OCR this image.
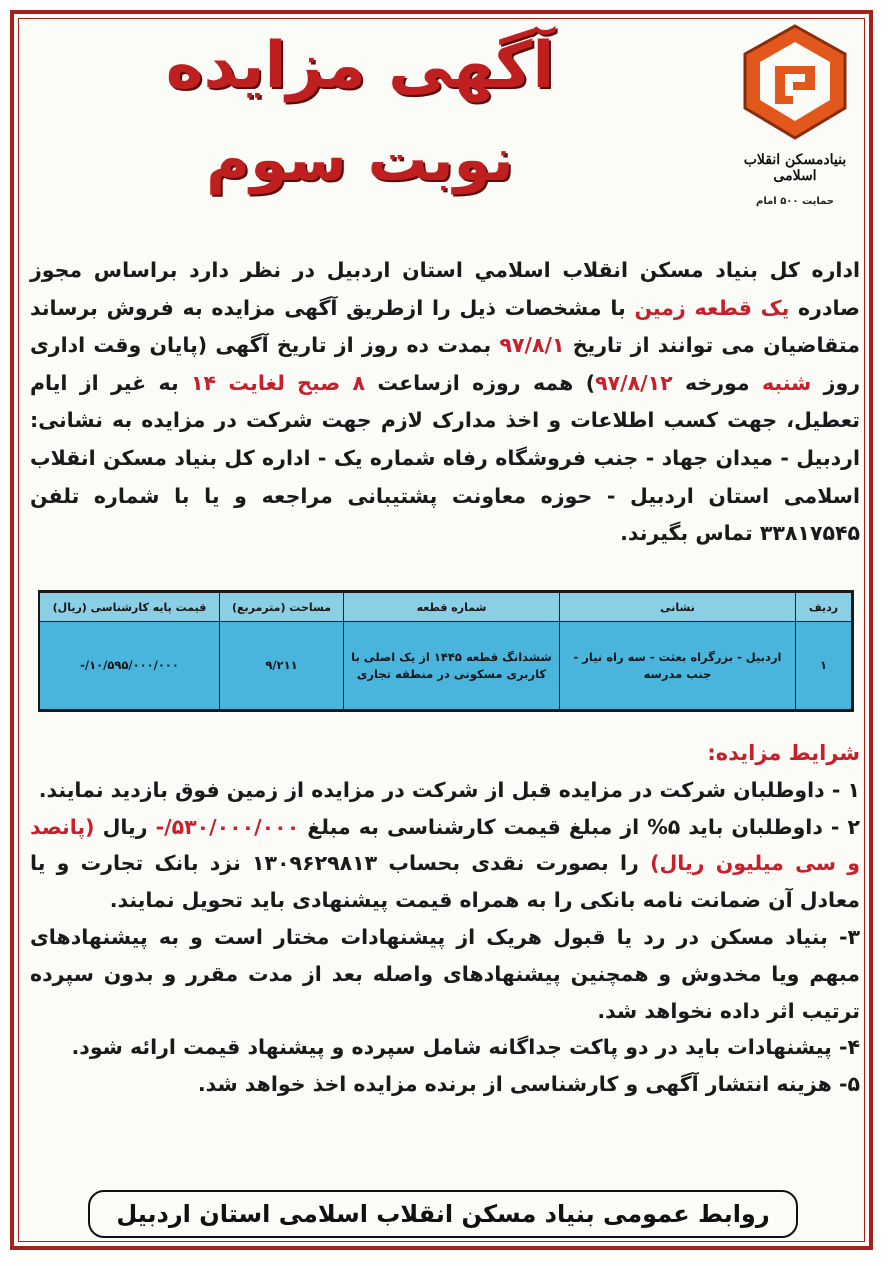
بنیادمسکن انقلاب اسلامی
حمایت ۵۰۰ امام
آگهی مزایده
نوبت سوم
اداره کل بنیاد مسکن انقلاب اسلامي استان اردبيل در نظر دارد براساس مجوز صادره یک قطعه زمین با مشخصات ذیل را ازطریق آگهی مزایده به فروش برساند متقاضیان می توانند از تاریخ ۹۷/۸/۱ بمدت ده روز از تاریخ آگهی (پایان وقت اداری روز شنبه مورخه ۹۷/۸/۱۲) همه روزه ازساعت ۸ صبح لغایت ۱۴ به غیر از ایام تعطیل، جهت کسب اطلاعات و اخذ مدارک لازم جهت شرکت در مزایده به نشانی: اردبیل - میدان جهاد - جنب فروشگاه رفاه شماره یک - اداره کل بنیاد مسکن انقلاب اسلامی استان اردبیل - حوزه معاونت پشتیبانی مراجعه و یا با شماره تلفن ۳۳۸۱۷۵۴۵ تماس بگیرند.
ردیف	نشانی	شماره قطعه	مساحت (مترمربع)	قیمت پایه کارشناسی (ریال)
۱	اردبیل - بزرگراه بعثت - سه راه نیار - جنب مدرسه	ششدانگ قطعه ۱۴۴۵ از یک اصلی با کاربری مسکونی در منطقه تجاری	۹/۲۱۱	۱۰/۵۹۵/۰۰۰/۰۰۰/-
شرایط مزایده:

۱ - داوطلبان شرکت در مزایده قبل از شرکت در مزایده از زمین فوق بازدید نمایند.

۲ - داوطلبان باید ۵% از مبلغ قیمت کارشناسی به مبلغ ۵۳۰/۰۰۰/۰۰۰/- ریال (پانصد و سی میلیون ریال) را بصورت نقدی بحساب ۱۳۰۹۶۲۹۸۱۳ نزد بانک تجارت و یا معادل آن ضمانت نامه بانکی را به همراه قیمت پیشنهادی باید تحویل نمایند.

۳- بنیاد مسکن در رد یا قبول هریک از پیشنهادات مختار است و به پیشنهادهای مبهم ویا مخدوش و همچنین پیشنهادهای واصله بعد از مدت مقرر و بدون سپرده ترتیب اثر داده نخواهد شد.

۴- پیشنهادات باید در دو پاکت جداگانه شامل سپرده و پیشنهاد قیمت ارائه شود.

۵- هزینه انتشار آگهی و کارشناسی از برنده مزایده اخذ خواهد شد.

روابط عمومی بنیاد مسکن انقلاب اسلامی استان اردبیل
